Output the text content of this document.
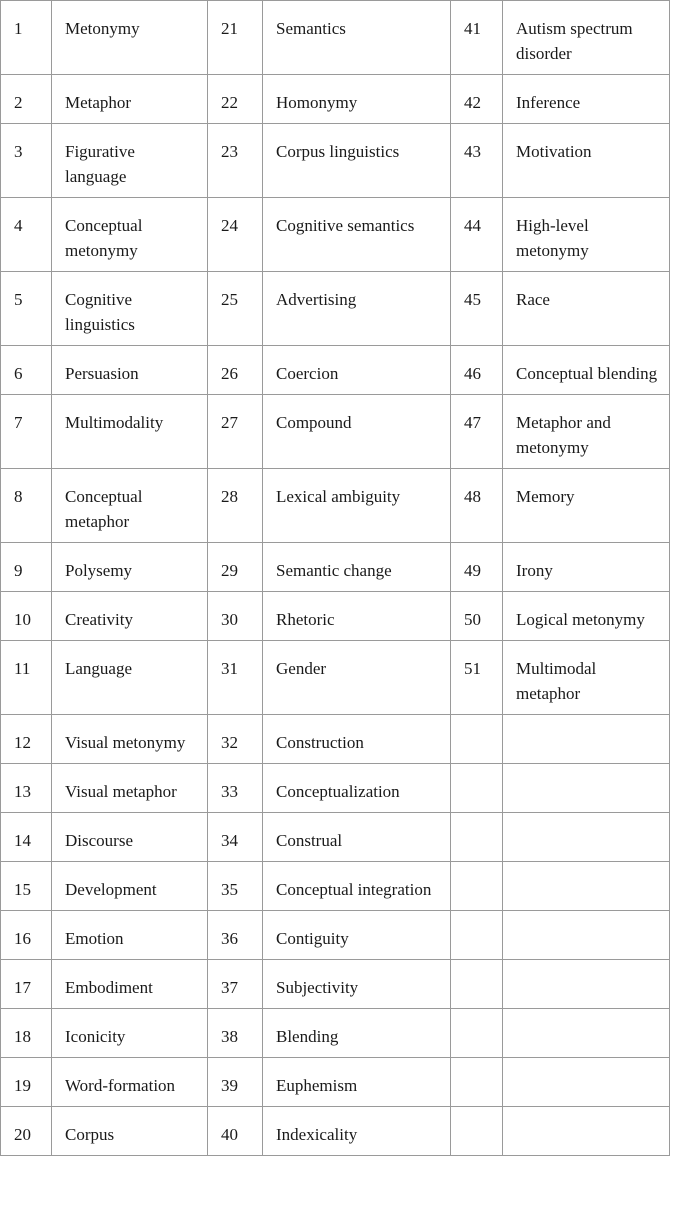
1	Metonymy	21	Semantics	41	Autism spectrum disorder
2	Metaphor	22	Homonymy	42	Inference
3	Figurative language	23	Corpus linguistics	43	Motivation
4	Conceptual metonymy	24	Cognitive semantics	44	High-level metonymy
5	Cognitive linguistics	25	Advertising	45	Race
6	Persuasion	26	Coercion	46	Conceptual blending
7	Multimodality	27	Compound	47	Metaphor and metonymy
8	Conceptual metaphor	28	Lexical ambiguity	48	Memory
9	Polysemy	29	Semantic change	49	Irony
10	Creativity	30	Rhetoric	50	Logical metonymy
11	Language	31	Gender	51	Multimodal metaphor
12	Visual metonymy	32	Construction		
13	Visual metaphor	33	Conceptualization		
14	Discourse	34	Construal		
15	Development	35	Conceptual integration		
16	Emotion	36	Contiguity		
17	Embodiment	37	Subjectivity		
18	Iconicity	38	Blending		
19	Word-formation	39	Euphemism		
20	Corpus	40	Indexicality		
